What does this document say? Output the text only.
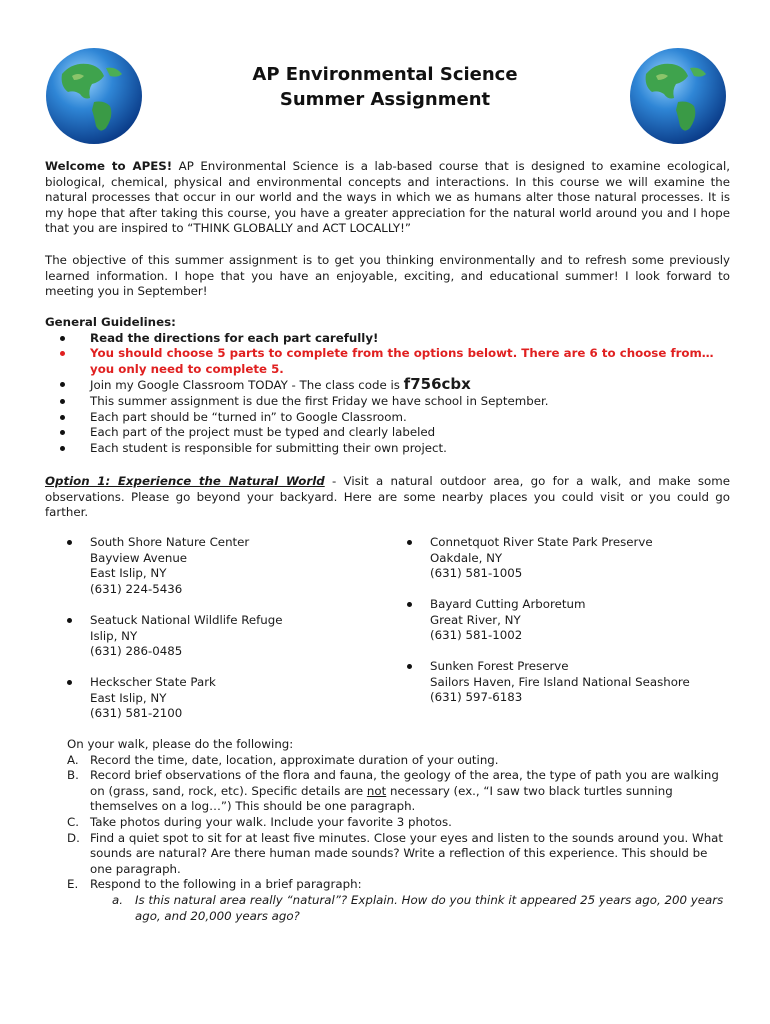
AP Environmental Science
Summer Assignment

Welcome to APES! AP Environmental Science is a lab-based course that is designed to examine ecological, biological, chemical, physical and environmental concepts and interactions. In this course we will examine the natural processes that occur in our world and the ways in which we as humans alter those natural processes. It is my hope that after taking this course, you have a greater appreciation for the natural world around you and I hope that you are inspired to “THINK GLOBALLY and ACT LOCALLY!”

The objective of this summer assignment is to get you thinking environmentally and to refresh some previously learned information. I hope that you have an enjoyable, exciting, and educational summer! I look forward to meeting you in September!

General Guidelines:
Read the directions for each part carefully!
You should choose 5 parts to complete from the options belowt. There are 6 to choose from… you only need to complete 5.
Join my Google Classroom TODAY - The class code is f756cbx
This summer assignment is due the first Friday we have school in September.
Each part should be “turned in” to Google Classroom.
Each part of the project must be typed and clearly labeled
Each student is responsible for submitting their own project.

Option 1: Experience the Natural World - Visit a natural outdoor area, go for a walk, and make some observations. Please go beyond your backyard. Here are some nearby places you could visit or you could go farther.

South Shore Nature Center
Bayview Avenue
East Islip, NY
(631) 224-5436
Seatuck National Wildlife Refuge
Islip, NY
(631) 286-0485
Heckscher State Park
East Islip, NY
(631) 581-2100
Connetquot River State Park Preserve
Oakdale, NY
(631) 581-1005
Bayard Cutting Arboretum
Great River, NY
(631) 581-1002
Sunken Forest Preserve
Sailors Haven, Fire Island National Seashore
(631) 597-6183
On your walk, please do the following:
A. Record the time, date, location, approximate duration of your outing.
B. Record brief observations of the flora and fauna, the geology of the area, the type of path you are walking on (grass, sand, rock, etc). Specific details are not necessary (ex., “I saw two black turtles sunning themselves on a log…”) This should be one paragraph.
C. Take photos during your walk. Include your favorite 3 photos.
D. Find a quiet spot to sit for at least five minutes. Close your eyes and listen to the sounds around you. What sounds are natural? Are there human made sounds? Write a reflection of this experience. This should be one paragraph.
E. Respond to the following in a brief paragraph:
a. Is this natural area really “natural”? Explain. How do you think it appeared 25 years ago, 200 years ago, and 20,000 years ago?
